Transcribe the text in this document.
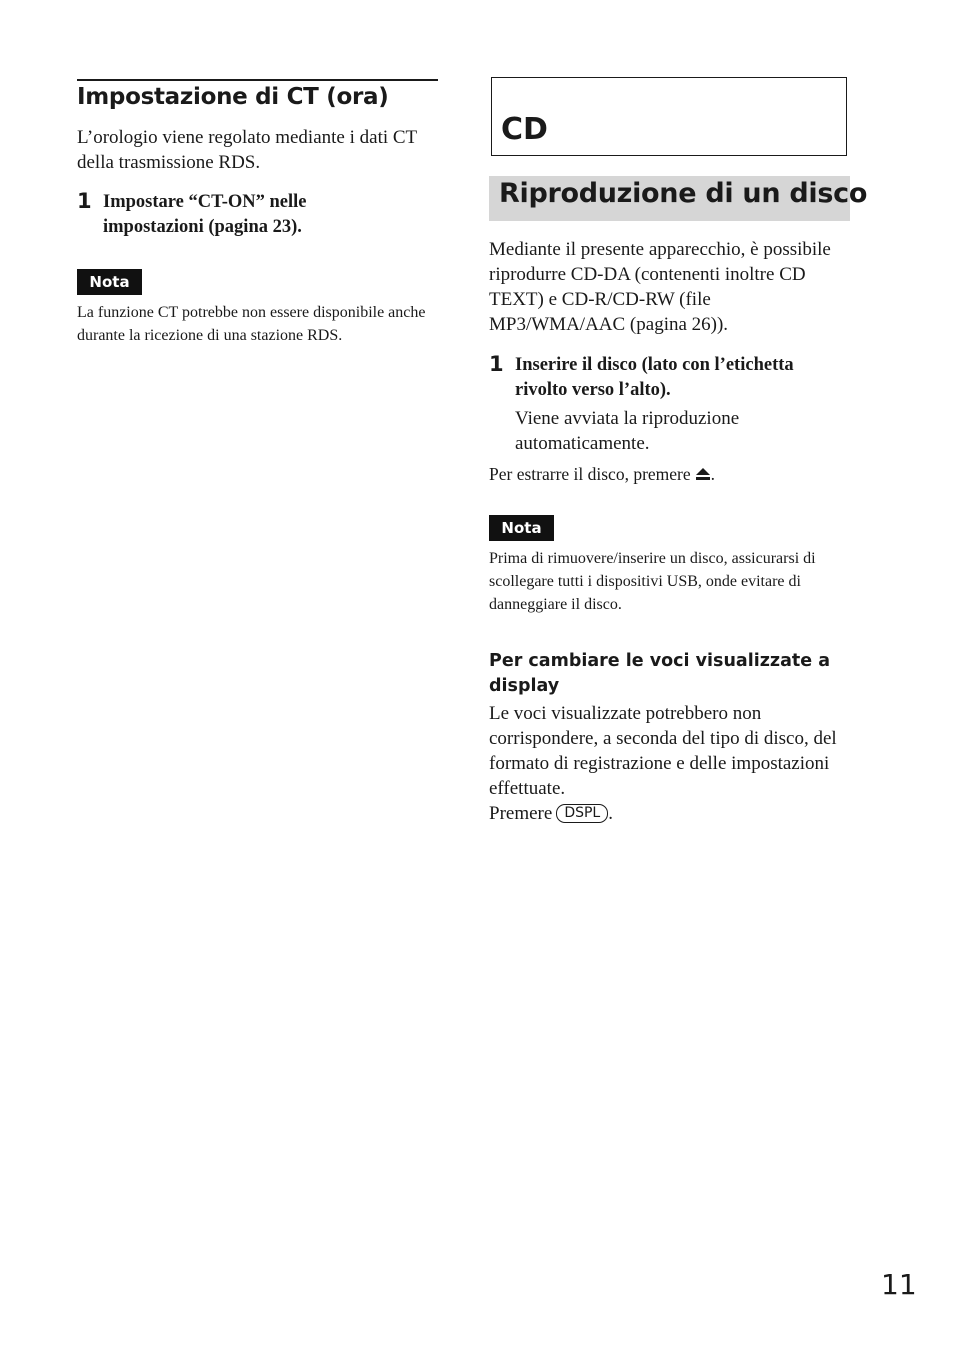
Impostazione di CT (ora)

L’orologio viene regolato mediante i dati CT della trasmissione RDS.

1 Impostare “CT-ON” nelle impostazioni (pagina 23).

Nota

La funzione CT potrebbe non essere disponibile anche durante la ricezione di una stazione RDS.

CD
Riproduzione di un disco

Mediante il presente apparecchio, è possibile riprodurre CD-DA (contenenti inoltre CD TEXT) e CD-R/CD-RW (file MP3/WMA/AAC (pagina 26)).

1 Inserire il disco (lato con l’etichetta rivolto verso l’alto).

Viene avviata la riproduzione automaticamente.

Per estrarre il disco, premere .

Nota

Prima di rimuovere/inserire un disco, assicurarsi di scollegare tutti i dispositivi USB, onde evitare di danneggiare il disco.

Per cambiare le voci visualizzate a display

Le voci visualizzate potrebbero non corrispondere, a seconda del tipo di disco, del formato di registrazione e delle impostazioni effettuate.

Premere DSPL .

11
